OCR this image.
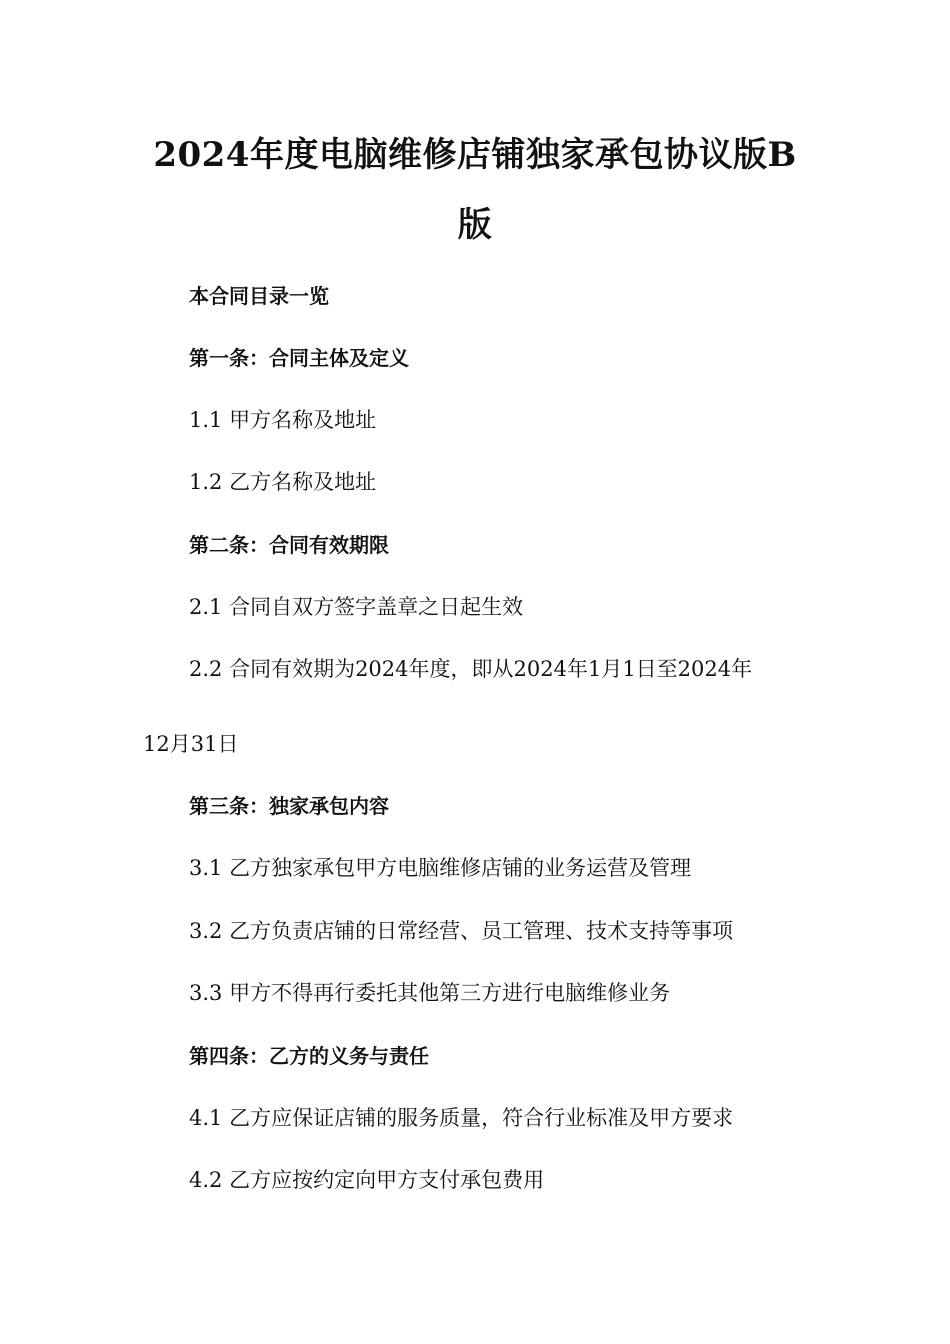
2024年度电脑维修店铺独家承包协议版B
版
本合同目录一览
第一条：合同主体及定义
1.1 甲方名称及地址
1.2 乙方名称及地址
第二条：合同有效期限
2.1 合同自双方签字盖章之日起生效
2.2 合同有效期为2024年度，即从2024年1月1日至2024年
12月31日
第三条：独家承包内容
3.1 乙方独家承包甲方电脑维修店铺的业务运营及管理
3.2 乙方负责店铺的日常经营、员工管理、技术支持等事项
3.3 甲方不得再行委托其他第三方进行电脑维修业务
第四条：乙方的义务与责任
4.1 乙方应保证店铺的服务质量，符合行业标准及甲方要求
4.2 乙方应按约定向甲方支付承包费用
